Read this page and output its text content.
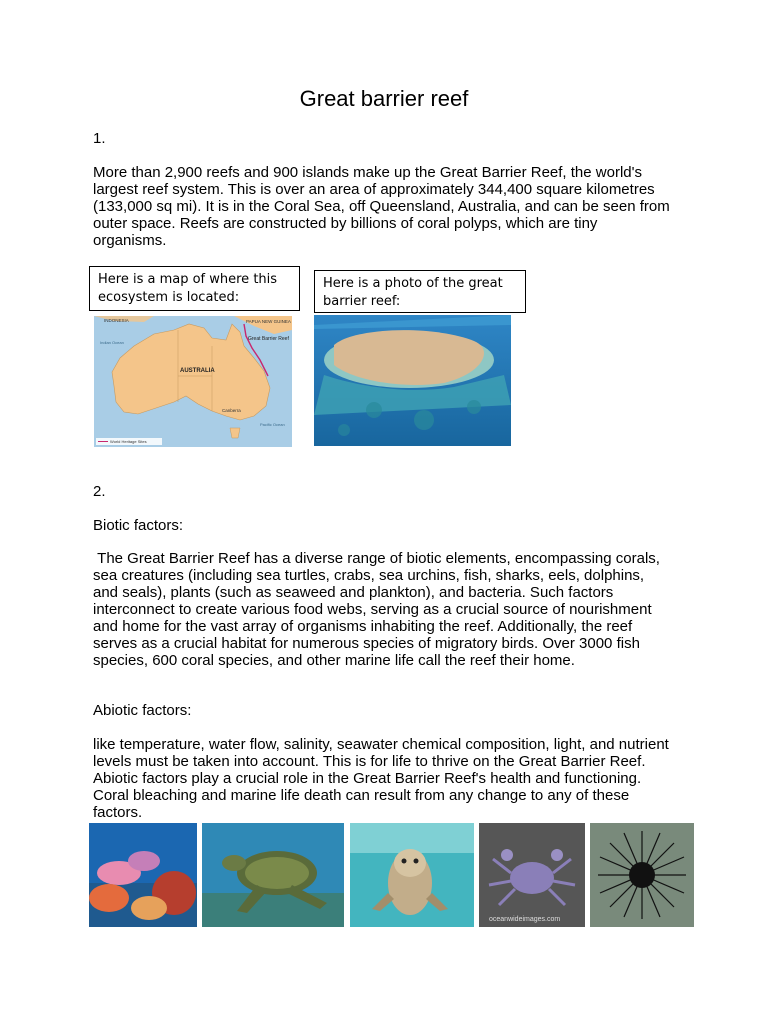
Great barrier reef
1.
More than 2,900 reefs and 900 islands make up the Great Barrier Reef, the world's largest reef system. This is over an area of approximately 344,400 square kilometres (133,000 sq mi). It is in the Coral Sea, off Queensland, Australia, and can be seen from outer space. Reefs are constructed by billions of coral polyps, which are tiny organisms.
Here is a map of where this ecosystem is located:
Here is a photo of the great barrier reef:
INDONESIA	PAPUA NEW GUINEA
Great Barrier Reef
AUSTRALIA
Indian Ocean
Pacific Ocean
Canberra
World Heritage Sites
2.
Biotic factors:
The Great Barrier Reef has a diverse range of biotic elements, encompassing corals, sea creatures (including sea turtles, crabs, sea urchins, fish, sharks, eels, dolphins, and seals), plants (such as seaweed and plankton), and bacteria. Such factors interconnect to create various food webs, serving as a crucial source of nourishment and home for the vast array of organisms inhabiting the reef. Additionally, the reef serves as a crucial habitat for numerous species of migratory birds. Over 3000 fish species, 600 coral species, and other marine life call the reef their home.
Abiotic factors:
like temperature, water flow, salinity, seawater chemical composition, light, and nutrient levels must be taken into account. This is for life to thrive on the Great Barrier Reef. Abiotic factors play a crucial role in the Great Barrier Reef's health and functioning. Coral bleaching and marine life death can result from any change to any of these factors.
oceanwideimages.com
